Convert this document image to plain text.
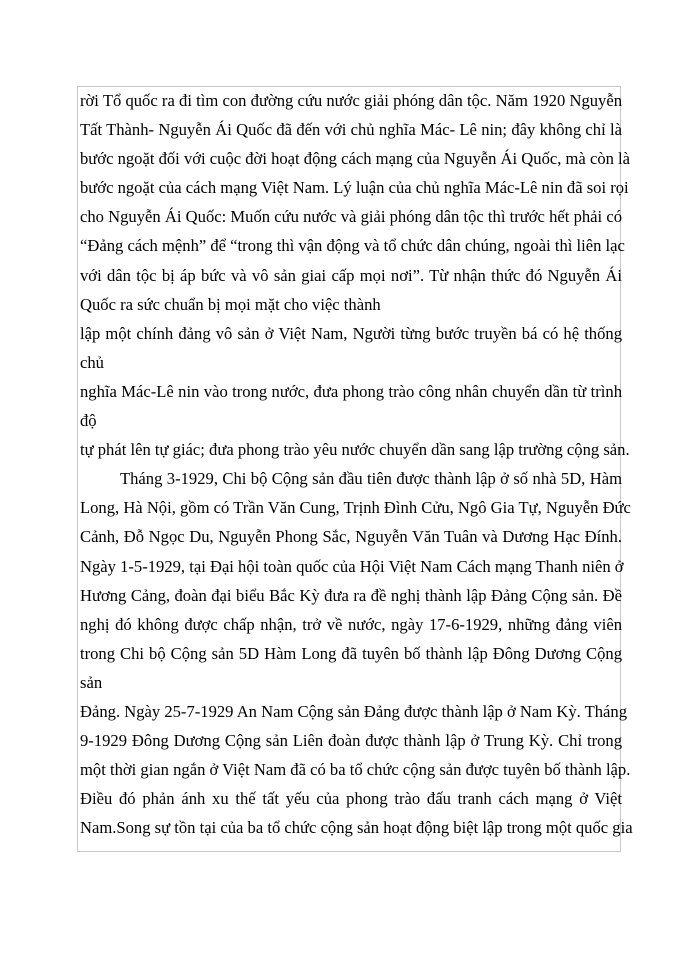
rời Tổ quốc ra đi tìm con đường cứu nước giải phóng dân tộc. Năm 1920 Nguyễn
Tất Thành- Nguyễn Ái Quốc đã đến với chủ nghĩa Mác- Lê nin; đây không chỉ là
bước ngoặt đối với cuộc đời hoạt động cách mạng của Nguyễn Ái Quốc, mà còn là
bước ngoặt của cách mạng Việt Nam. Lý luận của chủ nghĩa Mác-Lê nin đã soi rọi
cho Nguyễn Ái Quốc: Muốn cứu nước và giải phóng dân tộc thì trước hết phải có
“Đảng cách mệnh” để “trong thì vận động và tổ chức dân chúng, ngoài thì liên lạc
với dân tộc bị áp bức và vô sản giai cấp mọi nơi”. Từ nhận thức đó Nguyễn Ái
Quốc ra sức chuẩn bị mọi mặt cho việc thành
lập một chính đảng vô sản ở Việt Nam, Người từng bước truyền bá có hệ thống
chủ
nghĩa Mác-Lê nin vào trong nước, đưa phong trào công nhân chuyển dần từ trình
độ
tự phát lên tự giác; đưa phong trào yêu nước chuyển dần sang lập trường cộng sản.
Tháng 3-1929, Chi bộ Cộng sản đầu tiên được thành lập ở số nhà 5D, Hàm
Long, Hà Nội, gồm có Trần Văn Cung, Trịnh Đình Cửu, Ngô Gia Tự, Nguyễn Đức
Cảnh, Đỗ Ngọc Du, Nguyễn Phong Sắc, Nguyễn Văn Tuân và Dương Hạc Đính.
Ngày 1-5-1929, tại Đại hội toàn quốc của Hội Việt Nam Cách mạng Thanh niên ở
Hương Cảng, đoàn đại biểu Bắc Kỳ đưa ra đề nghị thành lập Đảng Cộng sản. Đề
nghị đó không được chấp nhận, trở về nước, ngày 17-6-1929, những đảng viên
trong Chi bộ Cộng sản 5D Hàm Long đã tuyên bố thành lập Đông Dương Cộng
sản
Đảng. Ngày 25-7-1929 An Nam Cộng sản Đảng được thành lập ở Nam Kỳ. Tháng
9-1929 Đông Dương Cộng sản Liên đoàn được thành lập ở Trung Kỳ. Chỉ trong
một thời gian ngắn ở Việt Nam đã có ba tổ chức cộng sản được tuyên bố thành lập.
Điều đó phản ánh xu thế tất yếu của phong trào đấu tranh cách mạng ở Việt
Nam.Song sự tồn tại của ba tổ chức cộng sản hoạt động biệt lập trong một quốc gia
